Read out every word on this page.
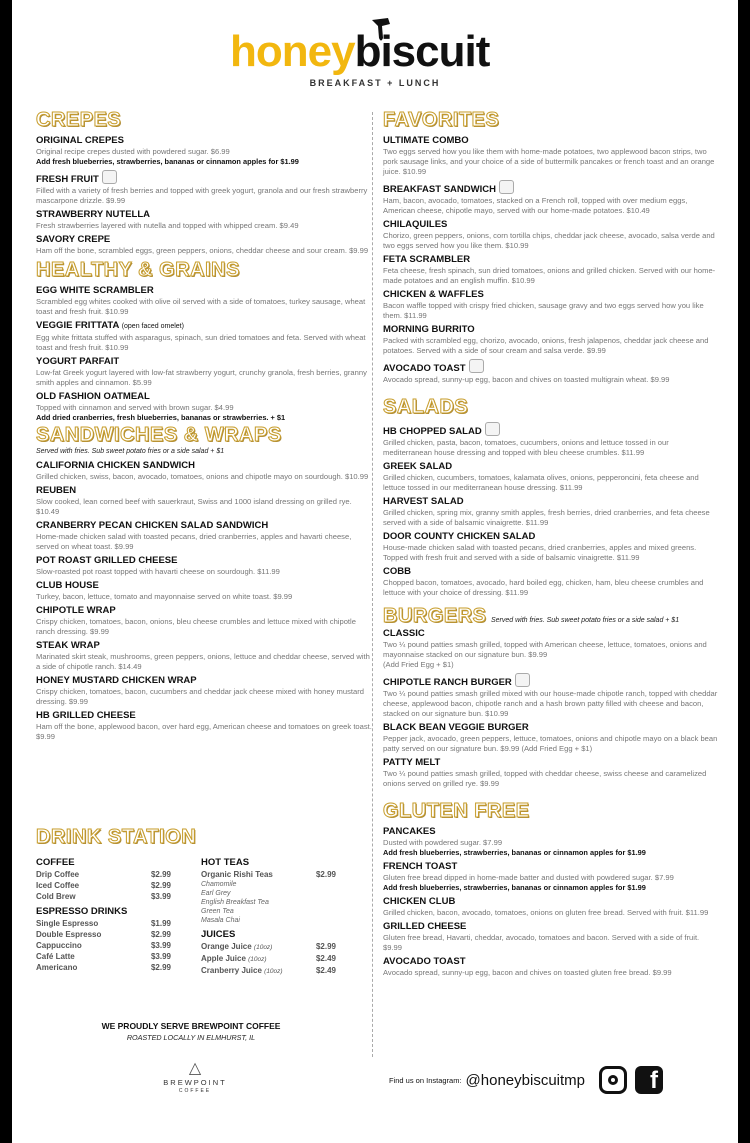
honeybiscuit
BREAKFAST + LUNCH
CREPES
ORIGINAL CREPES
Original recipe crepes dusted with powdered sugar. $6.99
Add fresh blueberries, strawberries, bananas or cinnamon apples for $1.99
FRESH FRUIT
Filled with a variety of fresh berries and topped with greek yogurt, granola and our fresh strawberry mascarpone drizzle. $9.99
STRAWBERRY NUTELLA
Fresh strawberries layered with nutella and topped with whipped cream. $9.49
SAVORY CREPE
Ham off the bone, scrambled eggs, green peppers, onions, cheddar cheese and sour cream. $9.99
HEALTHY & GRAINS
EGG WHITE SCRAMBLER
Scrambled egg whites cooked with olive oil served with a side of tomatoes, turkey sausage, wheat toast and fresh fruit. $10.99
VEGGIE FRITTATA (open faced omelet)
Egg white frittata stuffed with asparagus, spinach, sun dried tomatoes and feta. Served with wheat toast and fresh fruit. $10.99
YOGURT PARFAIT
Low-fat Greek yogurt layered with low-fat strawberry yogurt, crunchy granola, fresh berries, granny smith apples and cinnamon. $5.99
OLD FASHION OATMEAL
Topped with cinnamon and served with brown sugar. $4.99
Add dried cranberries, fresh blueberries, bananas or strawberries. + $1
SANDWICHES & WRAPS
Served with fries. Sub sweet potato fries or a side salad + $1
CALIFORNIA CHICKEN SANDWICH
Grilled chicken, swiss, bacon, avocado, tomatoes, onions and chipotle mayo on sourdough. $10.99
REUBEN
Slow cooked, lean corned beef with sauerkraut, Swiss and 1000 island dressing on grilled rye. $10.49
CRANBERRY PECAN CHICKEN SALAD SANDWICH
Home-made chicken salad with toasted pecans, dried cranberries, apples and havarti cheese, served on wheat toast. $9.99
POT ROAST GRILLED CHEESE
Slow-roasted pot roast topped with havarti cheese on sourdough. $11.99
CLUB HOUSE
Turkey, bacon, lettuce, tomato and mayonnaise served on white toast. $9.99
CHIPOTLE WRAP
Crispy chicken, tomatoes, bacon, onions, bleu cheese crumbles and lettuce mixed with chipotle ranch dressing. $9.99
STEAK WRAP
Marinated skirt steak, mushrooms, green peppers, onions, lettuce and cheddar cheese, served with a side of chipotle ranch. $14.49
HONEY MUSTARD CHICKEN WRAP
Crispy chicken, tomatoes, bacon, cucumbers and cheddar jack cheese mixed with honey mustard dressing. $9.99
HB GRILLED CHEESE
Ham off the bone, applewood bacon, over hard egg, American cheese and tomatoes on greek toast. $9.99
FAVORITES
ULTIMATE COMBO
Two eggs served how you like them with home-made potatoes, two applewood bacon strips, two pork sausage links, and your choice of a side of buttermilk pancakes or french toast and an orange juice. $10.99
BREAKFAST SANDWICH
Ham, bacon, avocado, tomatoes, stacked on a French roll, topped with over medium eggs, American cheese, chipotle mayo, served with our home-made potatoes. $10.49
CHILAQUILES
Chorizo, green peppers, onions, corn tortilla chips, cheddar jack cheese, avocado, salsa verde and two eggs served how you like them. $10.99
FETA SCRAMBLER
Feta cheese, fresh spinach, sun dried tomatoes, onions and grilled chicken. Served with our home-made potatoes and an english muffin. $10.99
CHICKEN & WAFFLES
Bacon waffle topped with crispy fried chicken, sausage gravy and two eggs served how you like them. $11.99
MORNING BURRITO
Packed with scrambled egg, chorizo, avocado, onions, fresh jalapenos, cheddar jack cheese and potatoes. Served with a side of sour cream and salsa verde. $9.99
AVOCADO TOAST
Avocado spread, sunny-up egg, bacon and chives on toasted multigrain wheat. $9.99
SALADS
HB CHOPPED SALAD
Grilled chicken, pasta, bacon, tomatoes, cucumbers, onions and lettuce tossed in our mediterranean house dressing and topped with bleu cheese crumbles. $11.99
GREEK SALAD
Grilled chicken, cucumbers, tomatoes, kalamata olives, onions, pepperoncini, feta cheese and lettuce tossed in our mediterranean house dressing. $11.99
HARVEST SALAD
Grilled chicken, spring mix, granny smith apples, fresh berries, dried cranberries, and feta cheese served with a side of balsamic vinaigrette. $11.99
DOOR COUNTY CHICKEN SALAD
House-made chicken salad with toasted pecans, dried cranberries, apples and mixed greens. Topped with fresh fruit and served with a side of balsamic vinaigrette. $11.99
COBB
Chopped bacon, tomatoes, avocado, hard boiled egg, chicken, ham, bleu cheese crumbles and lettuce with your choice of dressing. $11.99
BURGERS Served with fries. Sub sweet potato fries or a side salad + $1
CLASSIC
Two ¼ pound patties smash grilled, topped with American cheese, lettuce, tomatoes, onions and mayonnaise stacked on our signature bun. $9.99
(Add Fried Egg + $1)
CHIPOTLE RANCH BURGER
Two ¼ pound patties smash grilled mixed with our house-made chipotle ranch, topped with cheddar cheese, applewood bacon, chipotle ranch and a hash brown patty filled with cheese and bacon, stacked on our signature bun. $10.99
BLACK BEAN VEGGIE BURGER
Pepper jack, avocado, green peppers, lettuce, tomatoes, onions and chipotle mayo on a black bean patty served on our signature bun. $9.99 (Add Fried Egg + $1)
PATTY MELT
Two ¼ pound patties smash grilled, topped with cheddar cheese, swiss cheese and caramelized onions served on grilled rye. $9.99
GLUTEN FREE
PANCAKES
Dusted with powdered sugar. $7.99
Add fresh blueberries, strawberries, bananas or cinnamon apples for $1.99
FRENCH TOAST
Gluten free bread dipped in home-made batter and dusted with powdered sugar. $7.99
Add fresh blueberries, strawberries, bananas or cinnamon apples for $1.99
CHICKEN CLUB
Grilled chicken, bacon, avocado, tomatoes, onions on gluten free bread. Served with fruit. $11.99
GRILLED CHEESE
Gluten free bread, Havarti, cheddar, avocado, tomatoes and bacon. Served with a side of fruit. $9.99
AVOCADO TOAST
Avocado spread, sunny-up egg, bacon and chives on toasted gluten free bread. $9.99
DRINK STATION
COFFEE
Drip Coffee	$2.99
Iced Coffee	$2.99
Cold Brew	$3.99
ESPRESSO DRINKS
Single Espresso	$1.99
Double Espresso	$2.99
Cappuccino	$3.99
Café Latte	$3.99
Americano	$2.99
HOT TEAS
Organic Rishi Teas	$2.99
Chamomile
Earl Grey
English Breakfast Tea
Green Tea
Masala Chai
JUICES
Orange Juice (10oz)	$2.99
Apple Juice (10oz)	$2.49
Cranberry Juice (10oz)	$2.49
WE PROUDLY SERVE BREWPOINT COFFEE
ROASTED LOCALLY IN ELMHURST, IL
△
BREWPOINT
COFFEE
Find us on Instagram: @honeybiscuitmp	f
